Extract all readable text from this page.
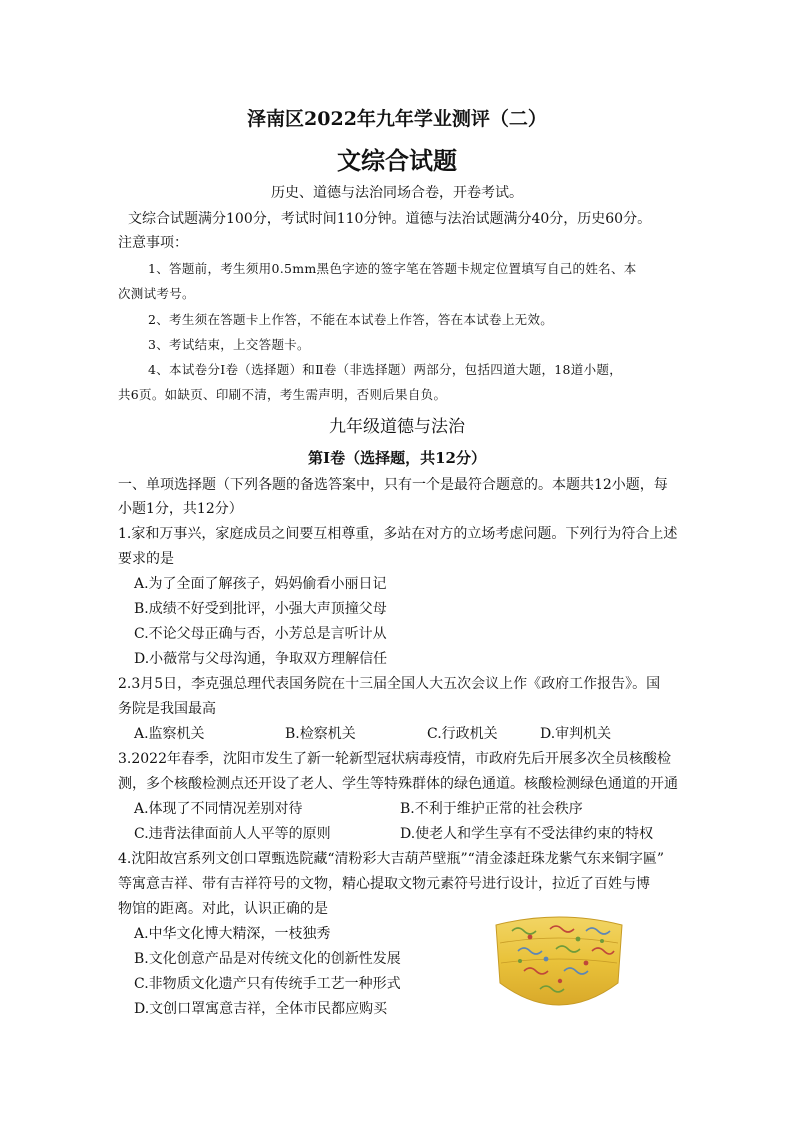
泽南区2022年九年学业测评（二）
文综合试题
历史、道德与法治同场合卷，开卷考试。
文综合试题满分100分，考试时间110分钟。道德与法治试题满分40分，历史60分。
注意事项：
1、答题前，考生须用0.5mm黑色字迹的签字笔在答题卡规定位置填写自己的姓名、本
次测试考号。
2、考生须在答题卡上作答，不能在本试卷上作答，答在本试卷上无效。
3、考试结束，上交答题卡。
4、本试卷分Ⅰ卷（选择题）和Ⅱ卷（非选择题）两部分，包括四道大题，18道小题，
共6页。如缺页、印刷不清，考生需声明，否则后果自负。
九年级道德与法治
第Ⅰ卷（选择题，共12分）
一、单项选择题（下列各题的备选答案中，只有一个是最符合题意的。本题共12小题，每
小题1分，共12分）
1.家和万事兴，家庭成员之间要互相尊重，多站在对方的立场考虑问题。下列行为符合上述
要求的是
A.为了全面了解孩子，妈妈偷看小丽日记
B.成绩不好受到批评，小强大声顶撞父母
C.不论父母正确与否，小芳总是言听计从
D.小薇常与父母沟通，争取双方理解信任
2.3月5日，李克强总理代表国务院在十三届全国人大五次会议上作《政府工作报告》。国
务院是我国最高
A.监察机关	B.检察机关	C.行政机关	D.审判机关
3.2022年春季，沈阳市发生了新一轮新型冠状病毒疫情，市政府先后开展多次全员核酸检
测，多个核酸检测点还开设了老人、学生等特殊群体的绿色通道。核酸检测绿色通道的开通
A.体现了不同情况差别对待	B.不利于维护正常的社会秩序
C.违背法律面前人人平等的原则	D.使老人和学生享有不受法律约束的特权
4.沈阳故宫系列文创口罩甄选院藏“清粉彩大吉葫芦壁瓶”“清金漆赶珠龙紫气东来铜字匾”
等寓意吉祥、带有吉祥符号的文物，精心提取文物元素符号进行设计，拉近了百姓与博
物馆的距离。对此，认识正确的是
A.中华文化博大精深，一枝独秀
B.文化创意产品是对传统文化的创新性发展
C.非物质文化遗产只有传统手工艺一种形式
D.文创口罩寓意吉祥，全体市民都应购买
